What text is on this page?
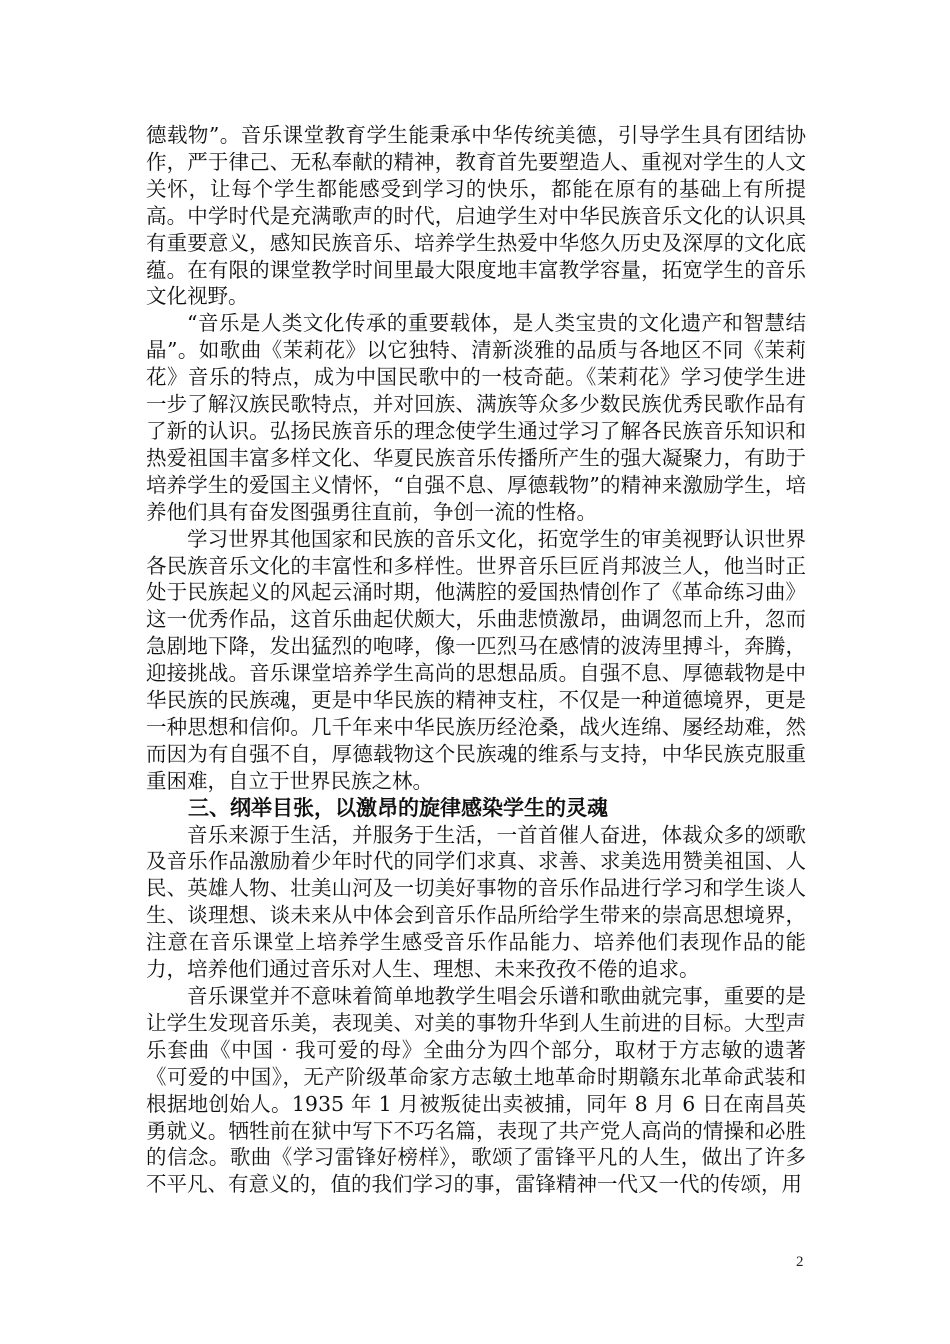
德载物”。音乐课堂教育学生能秉承中华传统美德，引导学生具有团结协作，严于律己、无私奉献的精神，教育首先要塑造人、重视对学生的人文关怀，让每个学生都能感受到学习的快乐，都能在原有的基础上有所提高。中学时代是充满歌声的时代，启迪学生对中华民族音乐文化的认识具有重要意义，感知民族音乐、培养学生热爱中华悠久历史及深厚的文化底蕴。在有限的课堂教学时间里最大限度地丰富教学容量，拓宽学生的音乐文化视野。

“音乐是人类文化传承的重要载体，是人类宝贵的文化遗产和智慧结晶”。如歌曲《茉莉花》以它独特、清新淡雅的品质与各地区不同《茉莉花》音乐的特点，成为中国民歌中的一枝奇葩。《茉莉花》学习使学生进一步了解汉族民歌特点，并对回族、满族等众多少数民族优秀民歌作品有了新的认识。弘扬民族音乐的理念使学生通过学习了解各民族音乐知识和热爱祖国丰富多样文化、华夏民族音乐传播所产生的强大凝聚力，有助于培养学生的爱国主义情怀，“自强不息、厚德载物”的精神来激励学生，培养他们具有奋发图强勇往直前，争创一流的性格。

学习世界其他国家和民族的音乐文化，拓宽学生的审美视野认识世界各民族音乐文化的丰富性和多样性。世界音乐巨匠肖邦波兰人，他当时正处于民族起义的风起云涌时期，他满腔的爱国热情创作了《革命练习曲》这一优秀作品，这首乐曲起伏颇大，乐曲悲愤激昂，曲调忽而上升，忽而急剧地下降，发出猛烈的咆哮，像一匹烈马在感情的波涛里搏斗，奔腾，迎接挑战。音乐课堂培养学生高尚的思想品质。自强不息、厚德载物是中华民族的民族魂，更是中华民族的精神支柱，不仅是一种道德境界，更是一种思想和信仰。几千年来中华民族历经沧桑，战火连绵、屡经劫难，然而因为有自强不自，厚德载物这个民族魂的维系与支持，中华民族克服重重困难，自立于世界民族之林。

三、纲举目张，以激昂的旋律感染学生的灵魂

音乐来源于生活，并服务于生活，一首首催人奋进，体裁众多的颂歌及音乐作品激励着少年时代的同学们求真、求善、求美选用赞美祖国、人民、英雄人物、壮美山河及一切美好事物的音乐作品进行学习和学生谈人生、谈理想、谈未来从中体会到音乐作品所给学生带来的崇高思想境界，注意在音乐课堂上培养学生感受音乐作品能力、培养他们表现作品的能力，培养他们通过音乐对人生、理想、未来孜孜不倦的追求。

音乐课堂并不意味着简单地教学生唱会乐谱和歌曲就完事，重要的是让学生发现音乐美，表现美、对美的事物升华到人生前进的目标。大型声乐套曲《中国 · 我可爱的母》全曲分为四个部分，取材于方志敏的遗著《可爱的中国》，无产阶级革命家方志敏土地革命时期赣东北革命武装和根据地创始人。1935 年 1 月被叛徒出卖被捕，同年 8 月 6 日在南昌英勇就义。牺牲前在狱中写下不巧名篇，表现了共产党人高尚的情操和必胜的信念。歌曲《学习雷锋好榜样》，歌颂了雷锋平凡的人生，做出了许多不平凡、有意义的，值的我们学习的事，雷锋精神一代又一代的传颂，用

2
